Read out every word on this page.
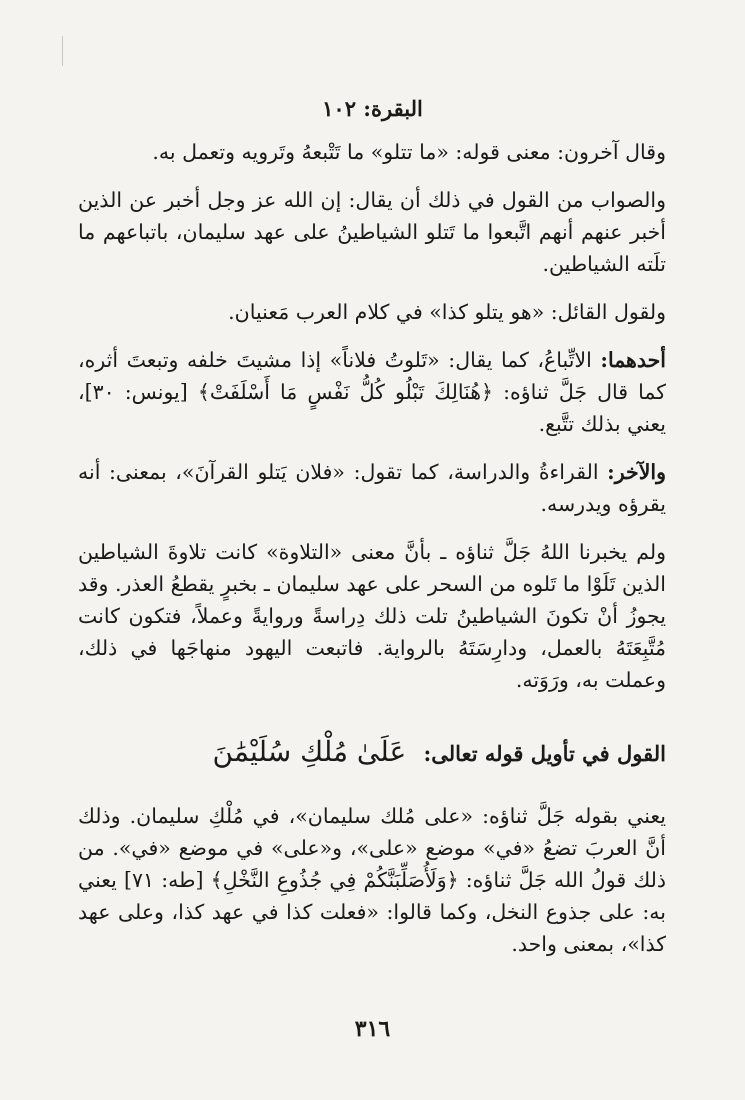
البقرة: ١٠٢

وقال آخرون: معنى قوله: «ما تتلو» ما تَتْبعهُ وتَرويه وتعمل به.

والصواب من القول في ذلك أن يقال: إن الله عز وجل أخبر عن الذين أخبر عنهم أنهم اتَّبعوا ما تَتلو الشياطينُ على عهد سليمان، باتباعهم ما تلَته الشياطين.

ولقول القائل: «هو يتلو كذا» في كلام العرب مَعنيان.

أحدهما: الاتِّباعُ، كما يقال: «تَلوتُ فلاناً» إذا مشيتَ خلفه وتبعتَ أثره، كما قال جَلَّ ثناؤه: ﴿هُنَالِكَ تَبْلُو كُلُّ نَفْسٍ مَا أَسْلَفَتْ﴾ [يونس: ٣٠]، يعني بذلك تتَّبع.

والآخر: القراءةُ والدراسة، كما تقول: «فلان يَتلو القرآنَ»، بمعنى: أنه يقرؤه ويدرسه.

ولم يخبرنا اللهُ جَلَّ ثناؤه ـ بأنَّ معنى «التلاوة» كانت تلاوةَ الشياطين الذين تَلَوْا ما تَلوه من السحر على عهد سليمان ـ بخبرٍ يقطعُ العذر. وقد يجوزُ أنْ تكونَ الشياطينُ تلت ذلك دِراسةً وروايةً وعملاً، فتكون كانت مُتَّبِعَتَهُ بالعمل، ودارِسَتَهُ بالرواية. فاتبعت اليهود منهاجَها في ذلك، وعملت به، ورَوَته.

القول في تأويل قوله تعالى: عَلَىٰ مُلْكِ سُلَيْمَٰنَ

يعني بقوله جَلَّ ثناؤه: «على مُلك سليمان»، في مُلْكِ سليمان. وذلك أنَّ العربَ تضعُ «في» موضع «على»، و«على» في موضع «في». من ذلك قولُ الله جَلَّ ثناؤه: ﴿وَلَأُصَلِّبَنَّكُمْ فِي جُذُوعِ النَّخْلِ﴾ [طه: ٧١] يعني به: على جذوع النخل، وكما قالوا: «فعلت كذا في عهد كذا، وعلى عهد كذا»، بمعنى واحد.

٣١٦
